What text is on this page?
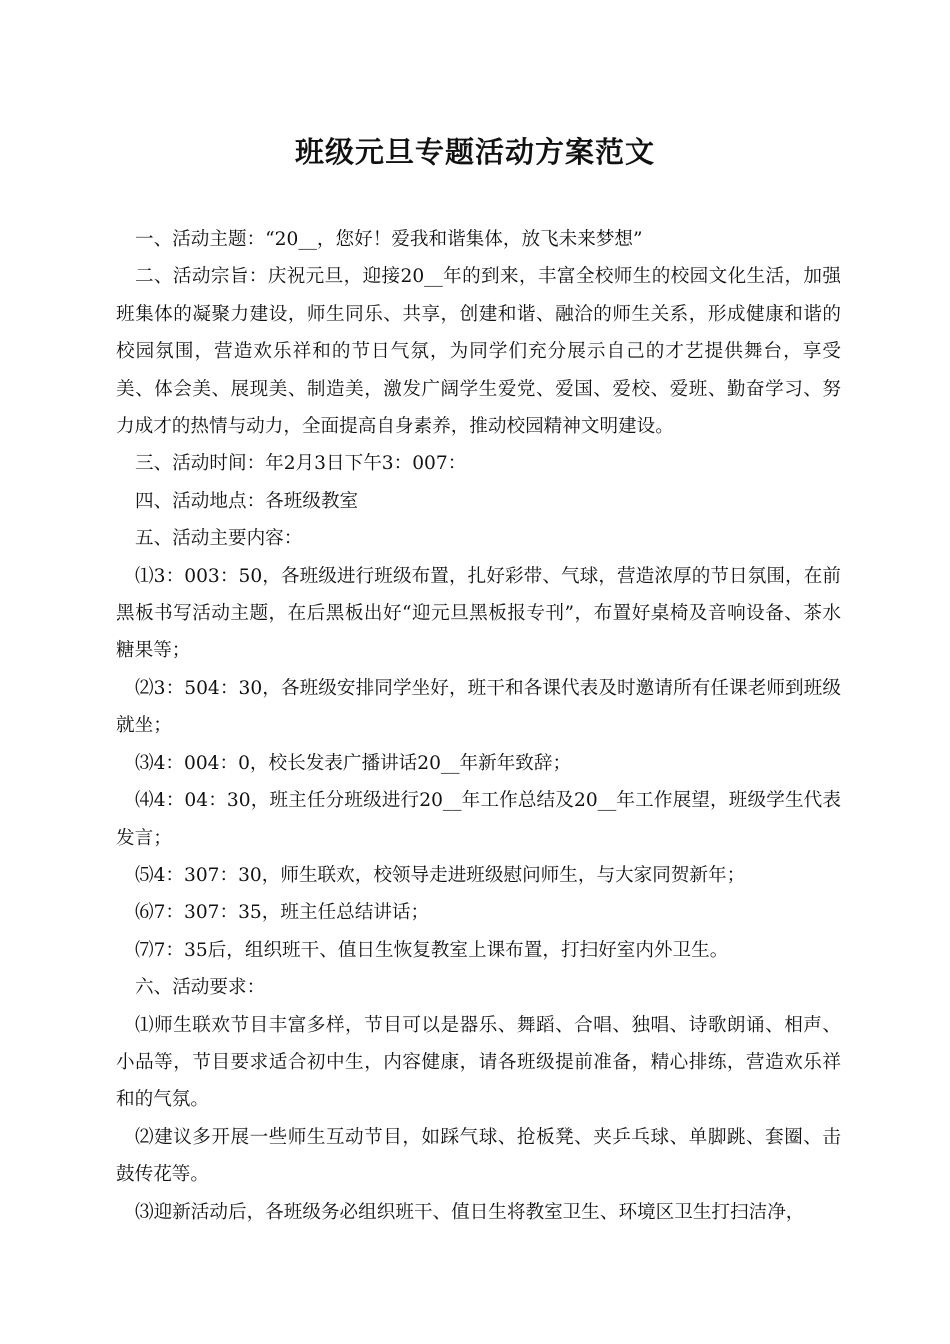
班级元旦专题活动方案范文

一、活动主题：“20__，您好！爱我和谐集体，放飞未来梦想”

二、活动宗旨：庆祝元旦，迎接20__年的到来，丰富全校师生的校园文化生活，加强班集体的凝聚力建设，师生同乐、共享，创建和谐、融洽的师生关系，形成健康和谐的校园氛围，营造欢乐祥和的节日气氛，为同学们充分展示自己的才艺提供舞台，享受美、体会美、展现美、制造美，激发广阔学生爱党、爱国、爱校、爱班、勤奋学习、努力成才的热情与动力，全面提高自身素养，推动校园精神文明建设。

三、活动时间：年2月3日下午3：007：

四、活动地点：各班级教室

五、活动主要内容：

⑴3：003：50，各班级进行班级布置，扎好彩带、气球，营造浓厚的节日氛围，在前黑板书写活动主题，在后黑板出好“迎元旦黑板报专刊”，布置好桌椅及音响设备、茶水糖果等；

⑵3：504：30，各班级安排同学坐好，班干和各课代表及时邀请所有任课老师到班级就坐；

⑶4：004：0，校长发表广播讲话20__年新年致辞；

⑷4：04：30，班主任分班级进行20__年工作总结及20__年工作展望，班级学生代表发言；

⑸4：307：30，师生联欢，校领导走进班级慰问师生，与大家同贺新年；

⑹7：307：35，班主任总结讲话；

⑺7：35后，组织班干、值日生恢复教室上课布置，打扫好室内外卫生。

六、活动要求：

⑴师生联欢节目丰富多样，节目可以是器乐、舞蹈、合唱、独唱、诗歌朗诵、相声、小品等，节目要求适合初中生，内容健康，请各班级提前准备，精心排练，营造欢乐祥和的气氛。

⑵建议多开展一些师生互动节目，如踩气球、抢板凳、夹乒乓球、单脚跳、套圈、击鼓传花等。

⑶迎新活动后，各班级务必组织班干、值日生将教室卫生、环境区卫生打扫洁净，
